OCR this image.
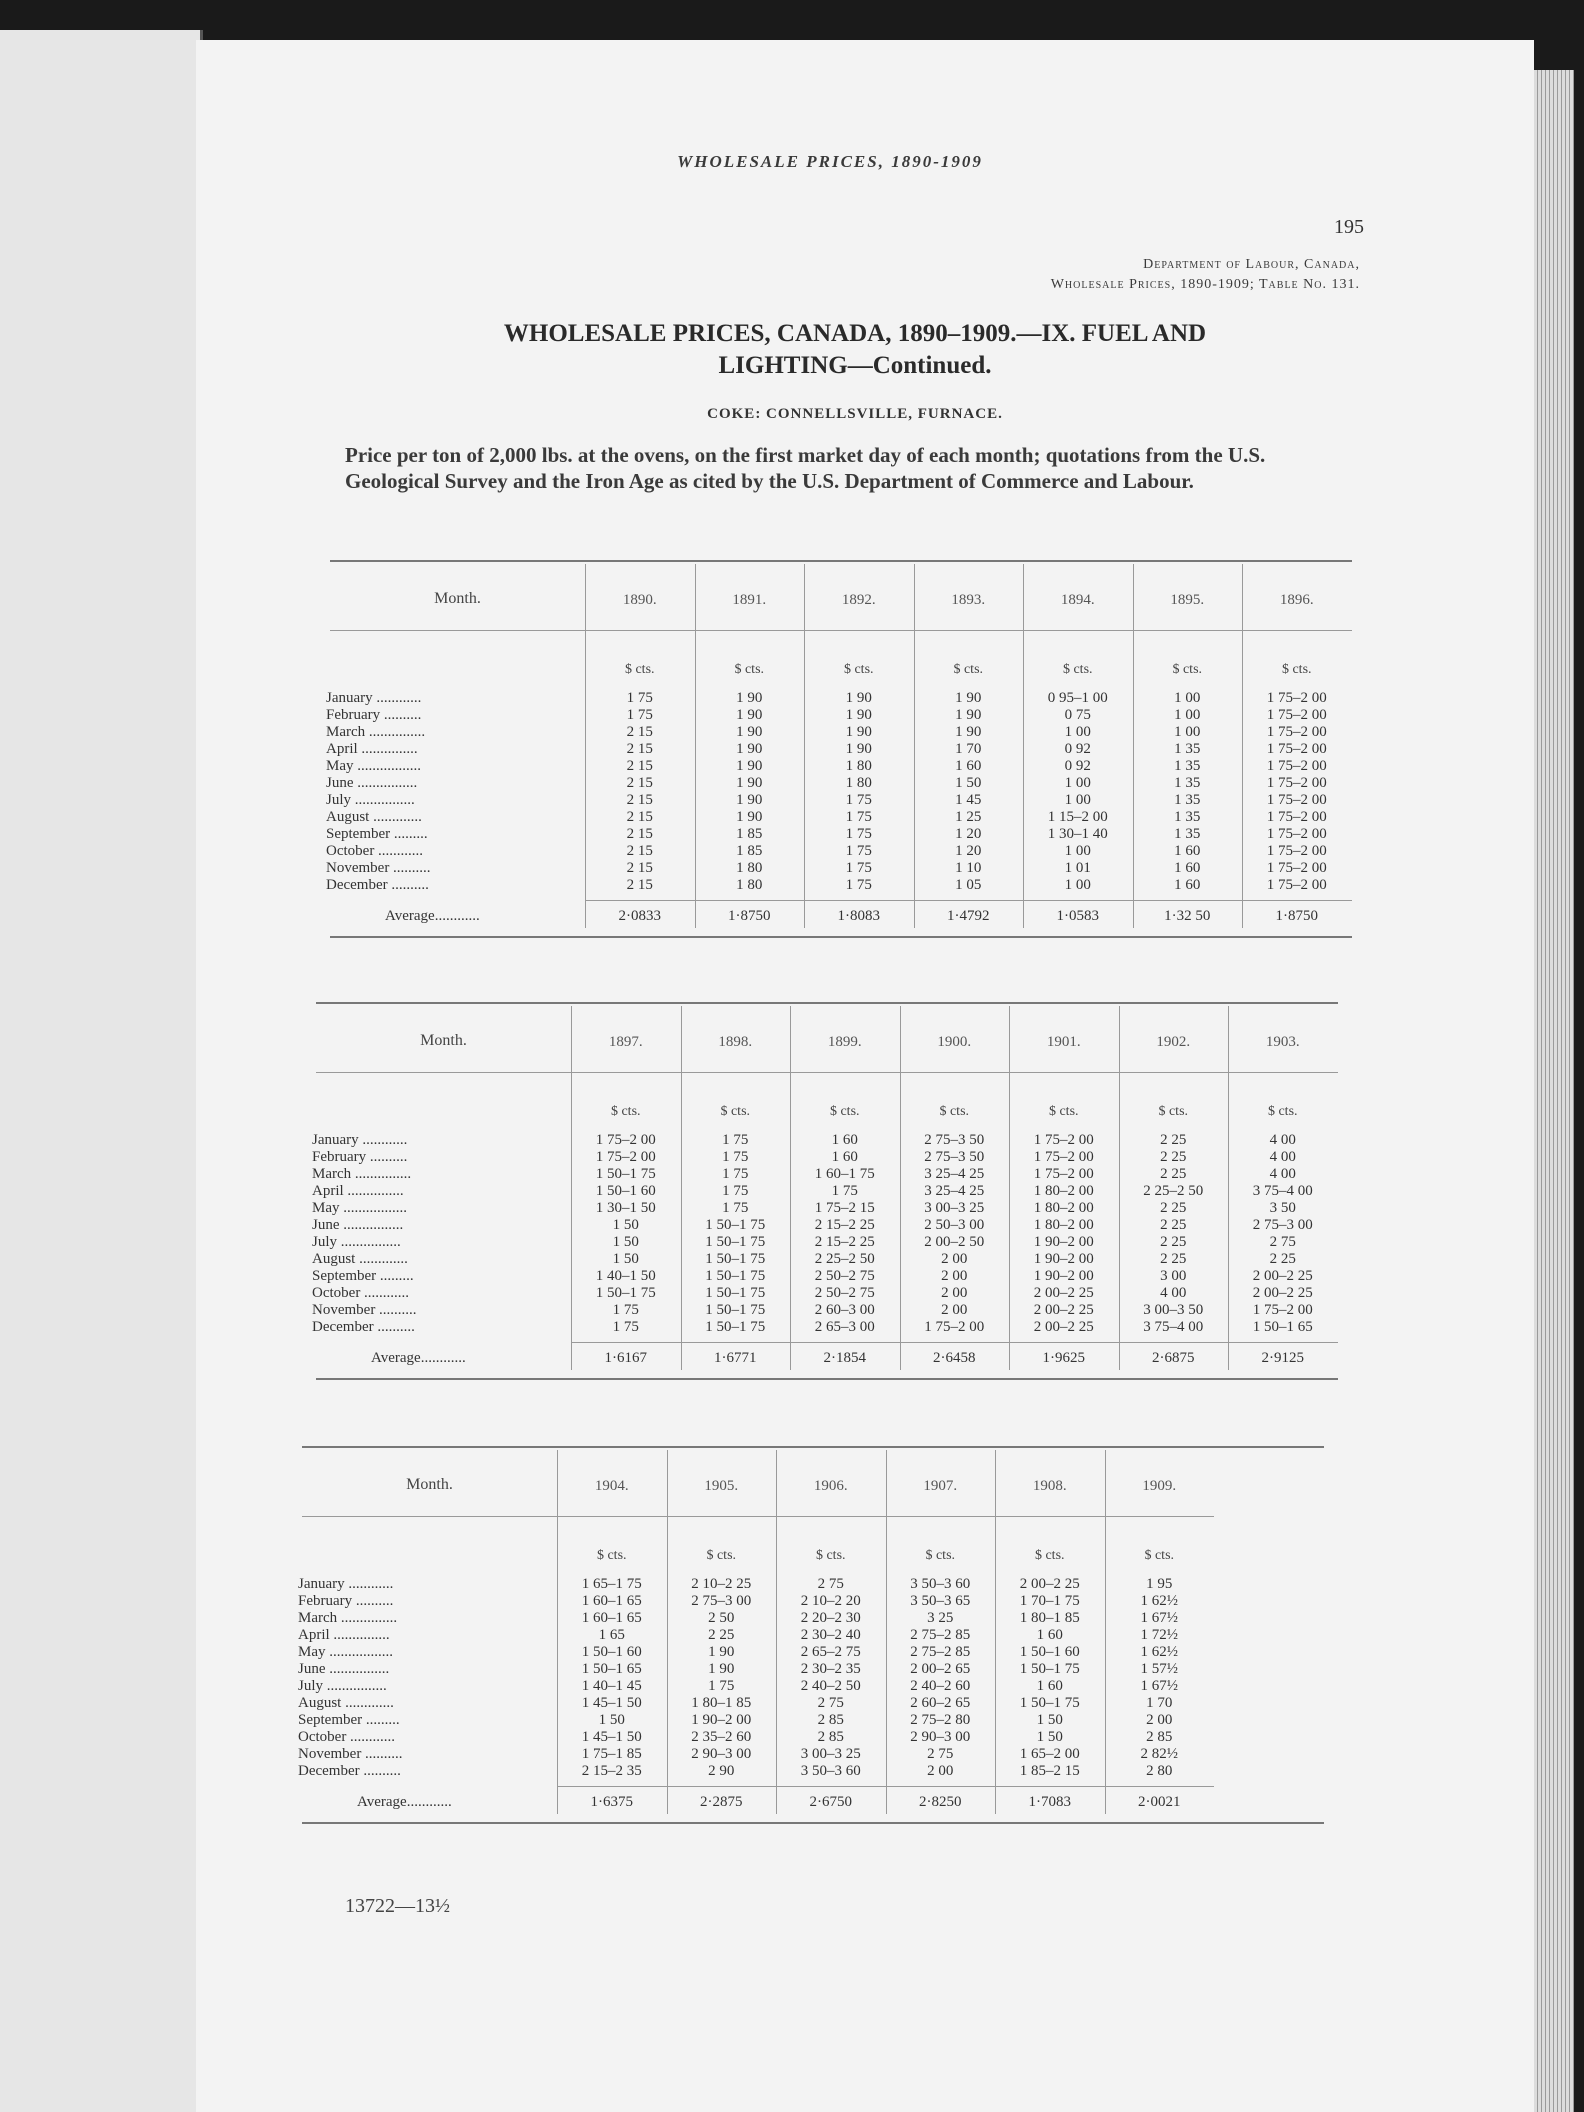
WHOLESALE PRICES, 1890-1909
195
Department of Labour, Canada,
Wholesale Prices, 1890-1909; Table No. 131.
WHOLESALE PRICES, CANADA, 1890–1909.—IX. FUEL AND
LIGHTING—Continued.
COKE: CONNELLSVILLE, FURNACE.
Price per ton of 2,000 lbs. at the ovens, on the first market day of each month; quotations from the U.S. Geological Survey and the Iron Age as cited by the U.S. Department of Commerce and Labour.
Month.
January ............
February ..........
March ...............
April ...............
May .................
June ................
July ................
August .............
September .........
October ............
November ..........
December ..........
Average............
1890.
$ cts.
1 75
1 75
2 15
2 15
2 15
2 15
2 15
2 15
2 15
2 15
2 15
2 15
2·0833
1891.
$ cts.
1 90
1 90
1 90
1 90
1 90
1 90
1 90
1 90
1 85
1 85
1 80
1 80
1·8750
1892.
$ cts.
1 90
1 90
1 90
1 90
1 80
1 80
1 75
1 75
1 75
1 75
1 75
1 75
1·8083
1893.
$ cts.
1 90
1 90
1 90
1 70
1 60
1 50
1 45
1 25
1 20
1 20
1 10
1 05
1·4792
1894.
$ cts.
0 95–1 00
0 75
1 00
0 92
0 92
1 00
1 00
1 15–2 00
1 30–1 40
1 00
1 01
1 00
1·0583
1895.
$ cts.
1 00
1 00
1 00
1 35
1 35
1 35
1 35
1 35
1 35
1 60
1 60
1 60
1·32 50
1896.
$ cts.
1 75–2 00
1 75–2 00
1 75–2 00
1 75–2 00
1 75–2 00
1 75–2 00
1 75–2 00
1 75–2 00
1 75–2 00
1 75–2 00
1 75–2 00
1 75–2 00
1·8750
Month.
January ............
February ..........
March ...............
April ...............
May .................
June ................
July ................
August .............
September .........
October ............
November ..........
December ..........
Average............
1897.
$ cts.
1 75–2 00
1 75–2 00
1 50–1 75
1 50–1 60
1 30–1 50
1 50
1 50
1 50
1 40–1 50
1 50–1 75
1 75
1 75
1·6167
1898.
$ cts.
1 75
1 75
1 75
1 75
1 75
1 50–1 75
1 50–1 75
1 50–1 75
1 50–1 75
1 50–1 75
1 50–1 75
1 50–1 75
1·6771
1899.
$ cts.
1 60
1 60
1 60–1 75
1 75
1 75–2 15
2 15–2 25
2 15–2 25
2 25–2 50
2 50–2 75
2 50–2 75
2 60–3 00
2 65–3 00
2·1854
1900.
$ cts.
2 75–3 50
2 75–3 50
3 25–4 25
3 25–4 25
3 00–3 25
2 50–3 00
2 00–2 50
2 00
2 00
2 00
2 00
1 75–2 00
2·6458
1901.
$ cts.
1 75–2 00
1 75–2 00
1 75–2 00
1 80–2 00
1 80–2 00
1 80–2 00
1 90–2 00
1 90–2 00
1 90–2 00
2 00–2 25
2 00–2 25
2 00–2 25
1·9625
1902.
$ cts.
2 25
2 25
2 25
2 25–2 50
2 25
2 25
2 25
2 25
3 00
4 00
3 00–3 50
3 75–4 00
2·6875
1903.
$ cts.
4 00
4 00
4 00
3 75–4 00
3 50
2 75–3 00
2 75
2 25
2 00–2 25
2 00–2 25
1 75–2 00
1 50–1 65
2·9125
Month.
January ............
February ..........
March ...............
April ...............
May .................
June ................
July ................
August .............
September .........
October ............
November ..........
December ..........
Average............
1904.
$ cts.
1 65–1 75
1 60–1 65
1 60–1 65
1 65
1 50–1 60
1 50–1 65
1 40–1 45
1 45–1 50
1 50
1 45–1 50
1 75–1 85
2 15–2 35
1·6375
1905.
$ cts.
2 10–2 25
2 75–3 00
2 50
2 25
1 90
1 90
1 75
1 80–1 85
1 90–2 00
2 35–2 60
2 90–3 00
2 90
2·2875
1906.
$ cts.
2 75
2 10–2 20
2 20–2 30
2 30–2 40
2 65–2 75
2 30–2 35
2 40–2 50
2 75
2 85
2 85
3 00–3 25
3 50–3 60
2·6750
1907.
$ cts.
3 50–3 60
3 50–3 65
3 25
2 75–2 85
2 75–2 85
2 00–2 65
2 40–2 60
2 60–2 65
2 75–2 80
2 90–3 00
2 75
2 00
2·8250
1908.
$ cts.
2 00–2 25
1 70–1 75
1 80–1 85
1 60
1 50–1 60
1 50–1 75
1 60
1 50–1 75
1 50
1 50
1 65–2 00
1 85–2 15
1·7083
1909.
$ cts.
1 95
1 62½
1 67½
1 72½
1 62½
1 57½
1 67½
1 70
2 00
2 85
2 82½
2 80
2·0021
13722—13½
